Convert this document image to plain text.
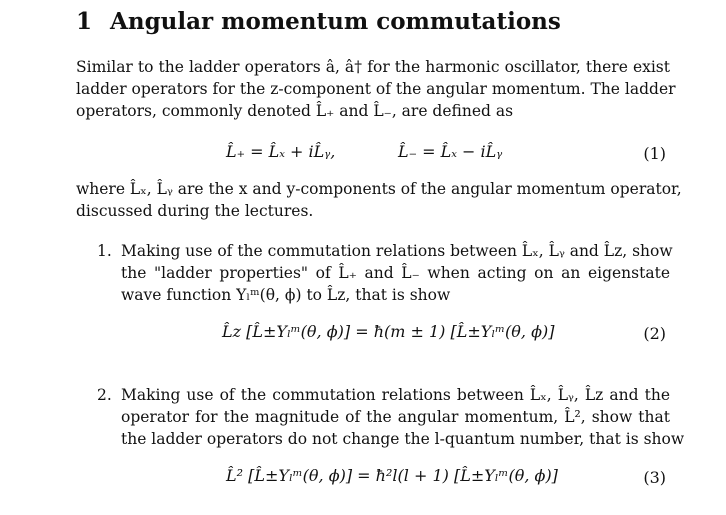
1 Angular momentum commutations
Similar to the ladder operators â, â† for the harmonic oscillator, there exist
ladder operators for the z-component of the angular momentum. The ladder
operators, commonly denoted L̂₊ and L̂₋, are defined as
L̂₊ = L̂ₓ + iL̂ᵧ,	L̂₋ = L̂ₓ − iL̂ᵧ	(1)
where L̂ₓ, L̂ᵧ are the x and y-components of the angular momentum operator,
discussed during the lectures.
1. Making use of the commutation relations between L̂ₓ, L̂ᵧ and L̂z, show
the "ladder properties" of L̂₊ and L̂₋ when acting on an eigenstate
wave function Yₗᵐ(θ, ϕ) to L̂z, that is show
L̂z [L̂±Yₗᵐ(θ, ϕ)] = ħ(m ± 1) [L̂±Yₗᵐ(θ, ϕ)]	(2)
2. Making use of the commutation relations between L̂ₓ, L̂ᵧ, L̂z and the
operator for the magnitude of the angular momentum, L̂², show that
the ladder operators do not change the l-quantum number, that is show
L̂² [L̂±Yₗᵐ(θ, ϕ)] = ħ²l(l + 1) [L̂±Yₗᵐ(θ, ϕ)]	(3)
